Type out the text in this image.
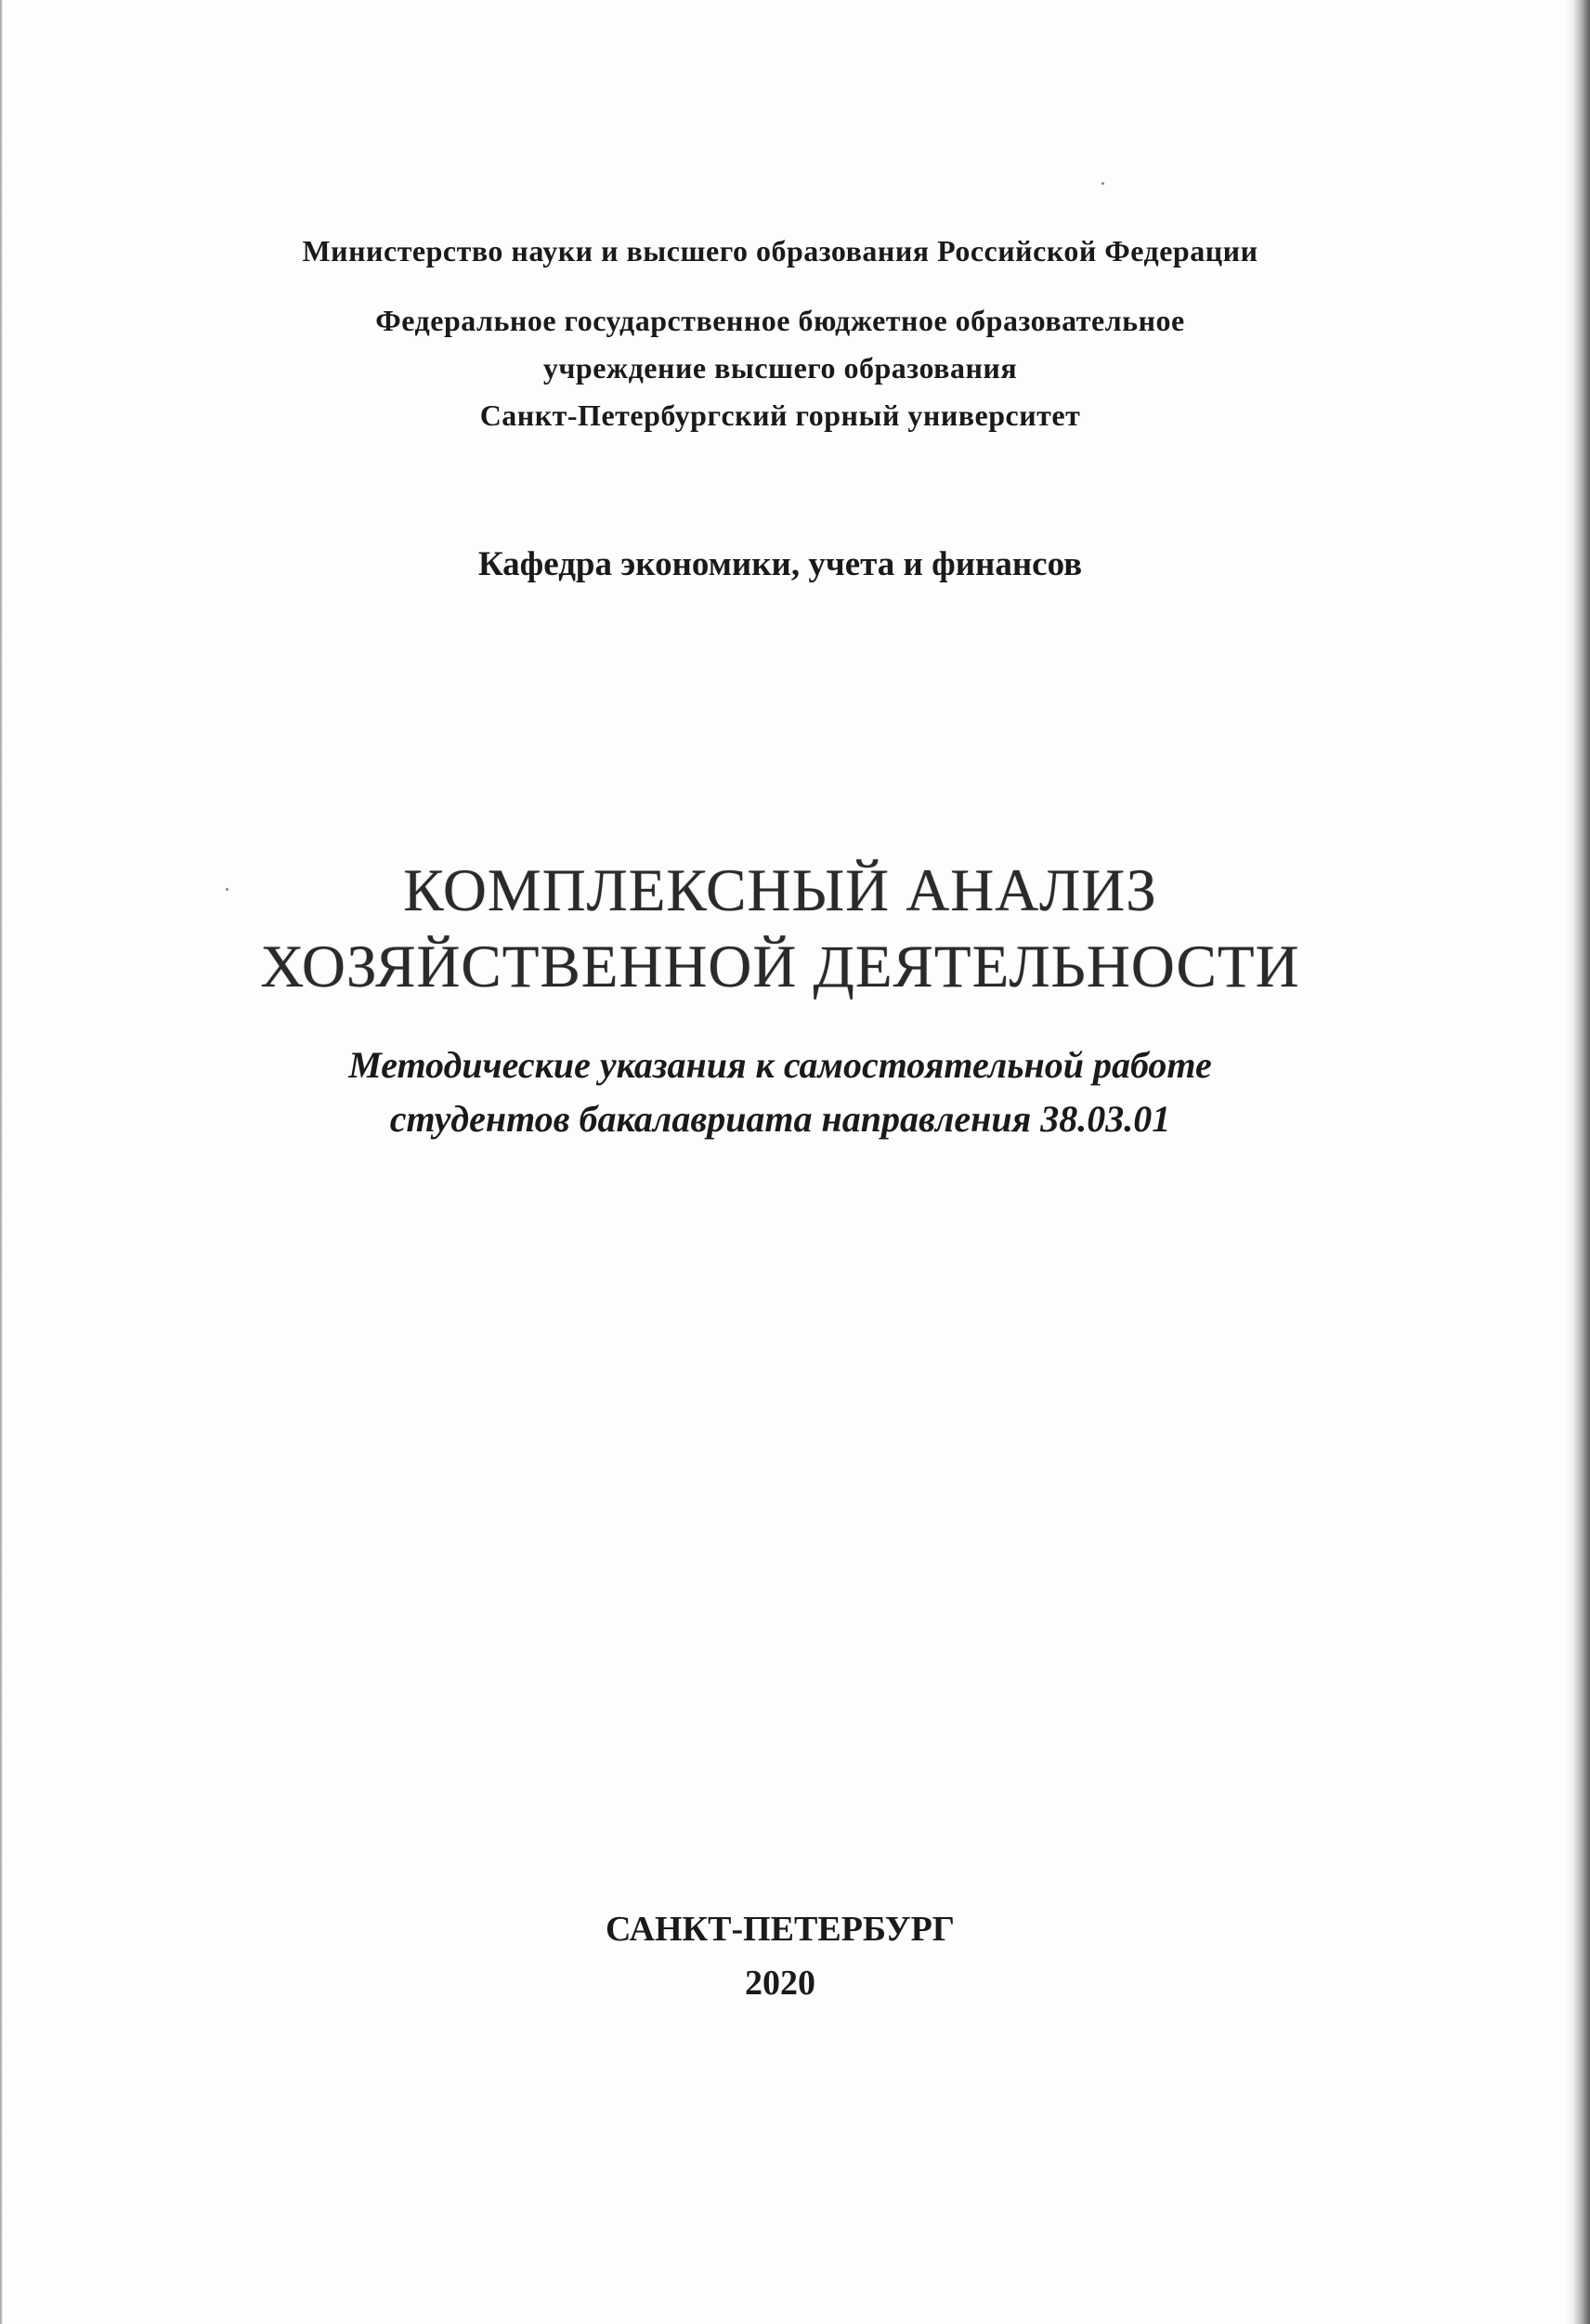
Министерство науки и высшего образования Российской Федерации
Федеральное государственное бюджетное образовательное
учреждение высшего образования
Санкт-Петербургский горный университет
Кафедра экономики, учета и финансов
КОМПЛЕКСНЫЙ АНАЛИЗ
ХОЗЯЙСТВЕННОЙ ДЕЯТЕЛЬНОСТИ
Методические указания к самостоятельной работе
студентов бакалавриата направления 38.03.01
САНКТ-ПЕТЕРБУРГ
2020
